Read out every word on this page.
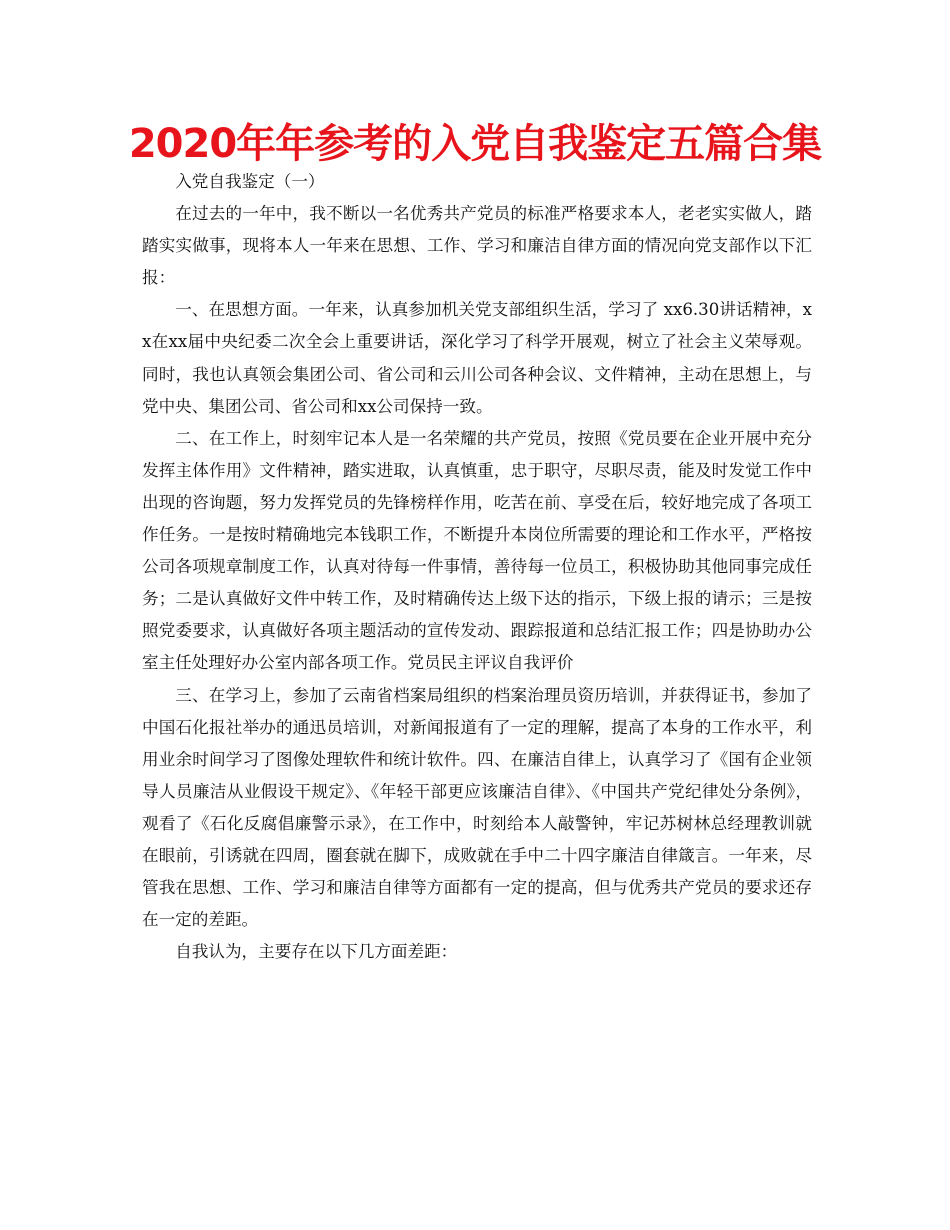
2020年年参考的入党自我鉴定五篇合集

入党自我鉴定（一）

在过去的一年中，我不断以一名优秀共产党员的标准严格要求本人，老老实实做人，踏踏实实做事，现将本人一年来在思想、工作、学习和廉洁自律方面的情况向党支部作以下汇报：

一、在思想方面。一年来，认真参加机关党支部组织生活，学习了 xx6.30讲话精神，xx在xx届中央纪委二次全会上重要讲话，深化学习了科学开展观，树立了社会主义荣辱观。同时，我也认真领会集团公司、省公司和云川公司各种会议、文件精神，主动在思想上，与党中央、集团公司、省公司和xx公司保持一致。

二、在工作上，时刻牢记本人是一名荣耀的共产党员，按照《党员要在企业开展中充分发挥主体作用》文件精神，踏实进取，认真慎重，忠于职守，尽职尽责，能及时发觉工作中出现的咨询题，努力发挥党员的先锋榜样作用，吃苦在前、享受在后，较好地完成了各项工作任务。一是按时精确地完本钱职工作，不断提升本岗位所需要的理论和工作水平，严格按公司各项规章制度工作，认真对待每一件事情，善待每一位员工，积极协助其他同事完成任务；二是认真做好文件中转工作，及时精确传达上级下达的指示，下级上报的请示；三是按照党委要求，认真做好各项主题活动的宣传发动、跟踪报道和总结汇报工作；四是协助办公室主任处理好办公室内部各项工作。党员民主评议自我评价

三、在学习上，参加了云南省档案局组织的档案治理员资历培训，并获得证书，参加了中国石化报社举办的通迅员培训，对新闻报道有了一定的理解，提高了本身的工作水平，利用业余时间学习了图像处理软件和统计软件。四、在廉洁自律上，认真学习了《国有企业领导人员廉洁从业假设干规定》、《年轻干部更应该廉洁自律》、《中国共产党纪律处分条例》， 观看了《石化反腐倡廉警示录》，在工作中，时刻给本人敲警钟，牢记苏树林总经理教训就在眼前，引诱就在四周，圈套就在脚下，成败就在手中二十四字廉洁自律箴言。一年来，尽管我在思想、工作、学习和廉洁自律等方面都有一定的提高，但与优秀共产党员的要求还存在一定的差距。

自我认为，主要存在以下几方面差距：
